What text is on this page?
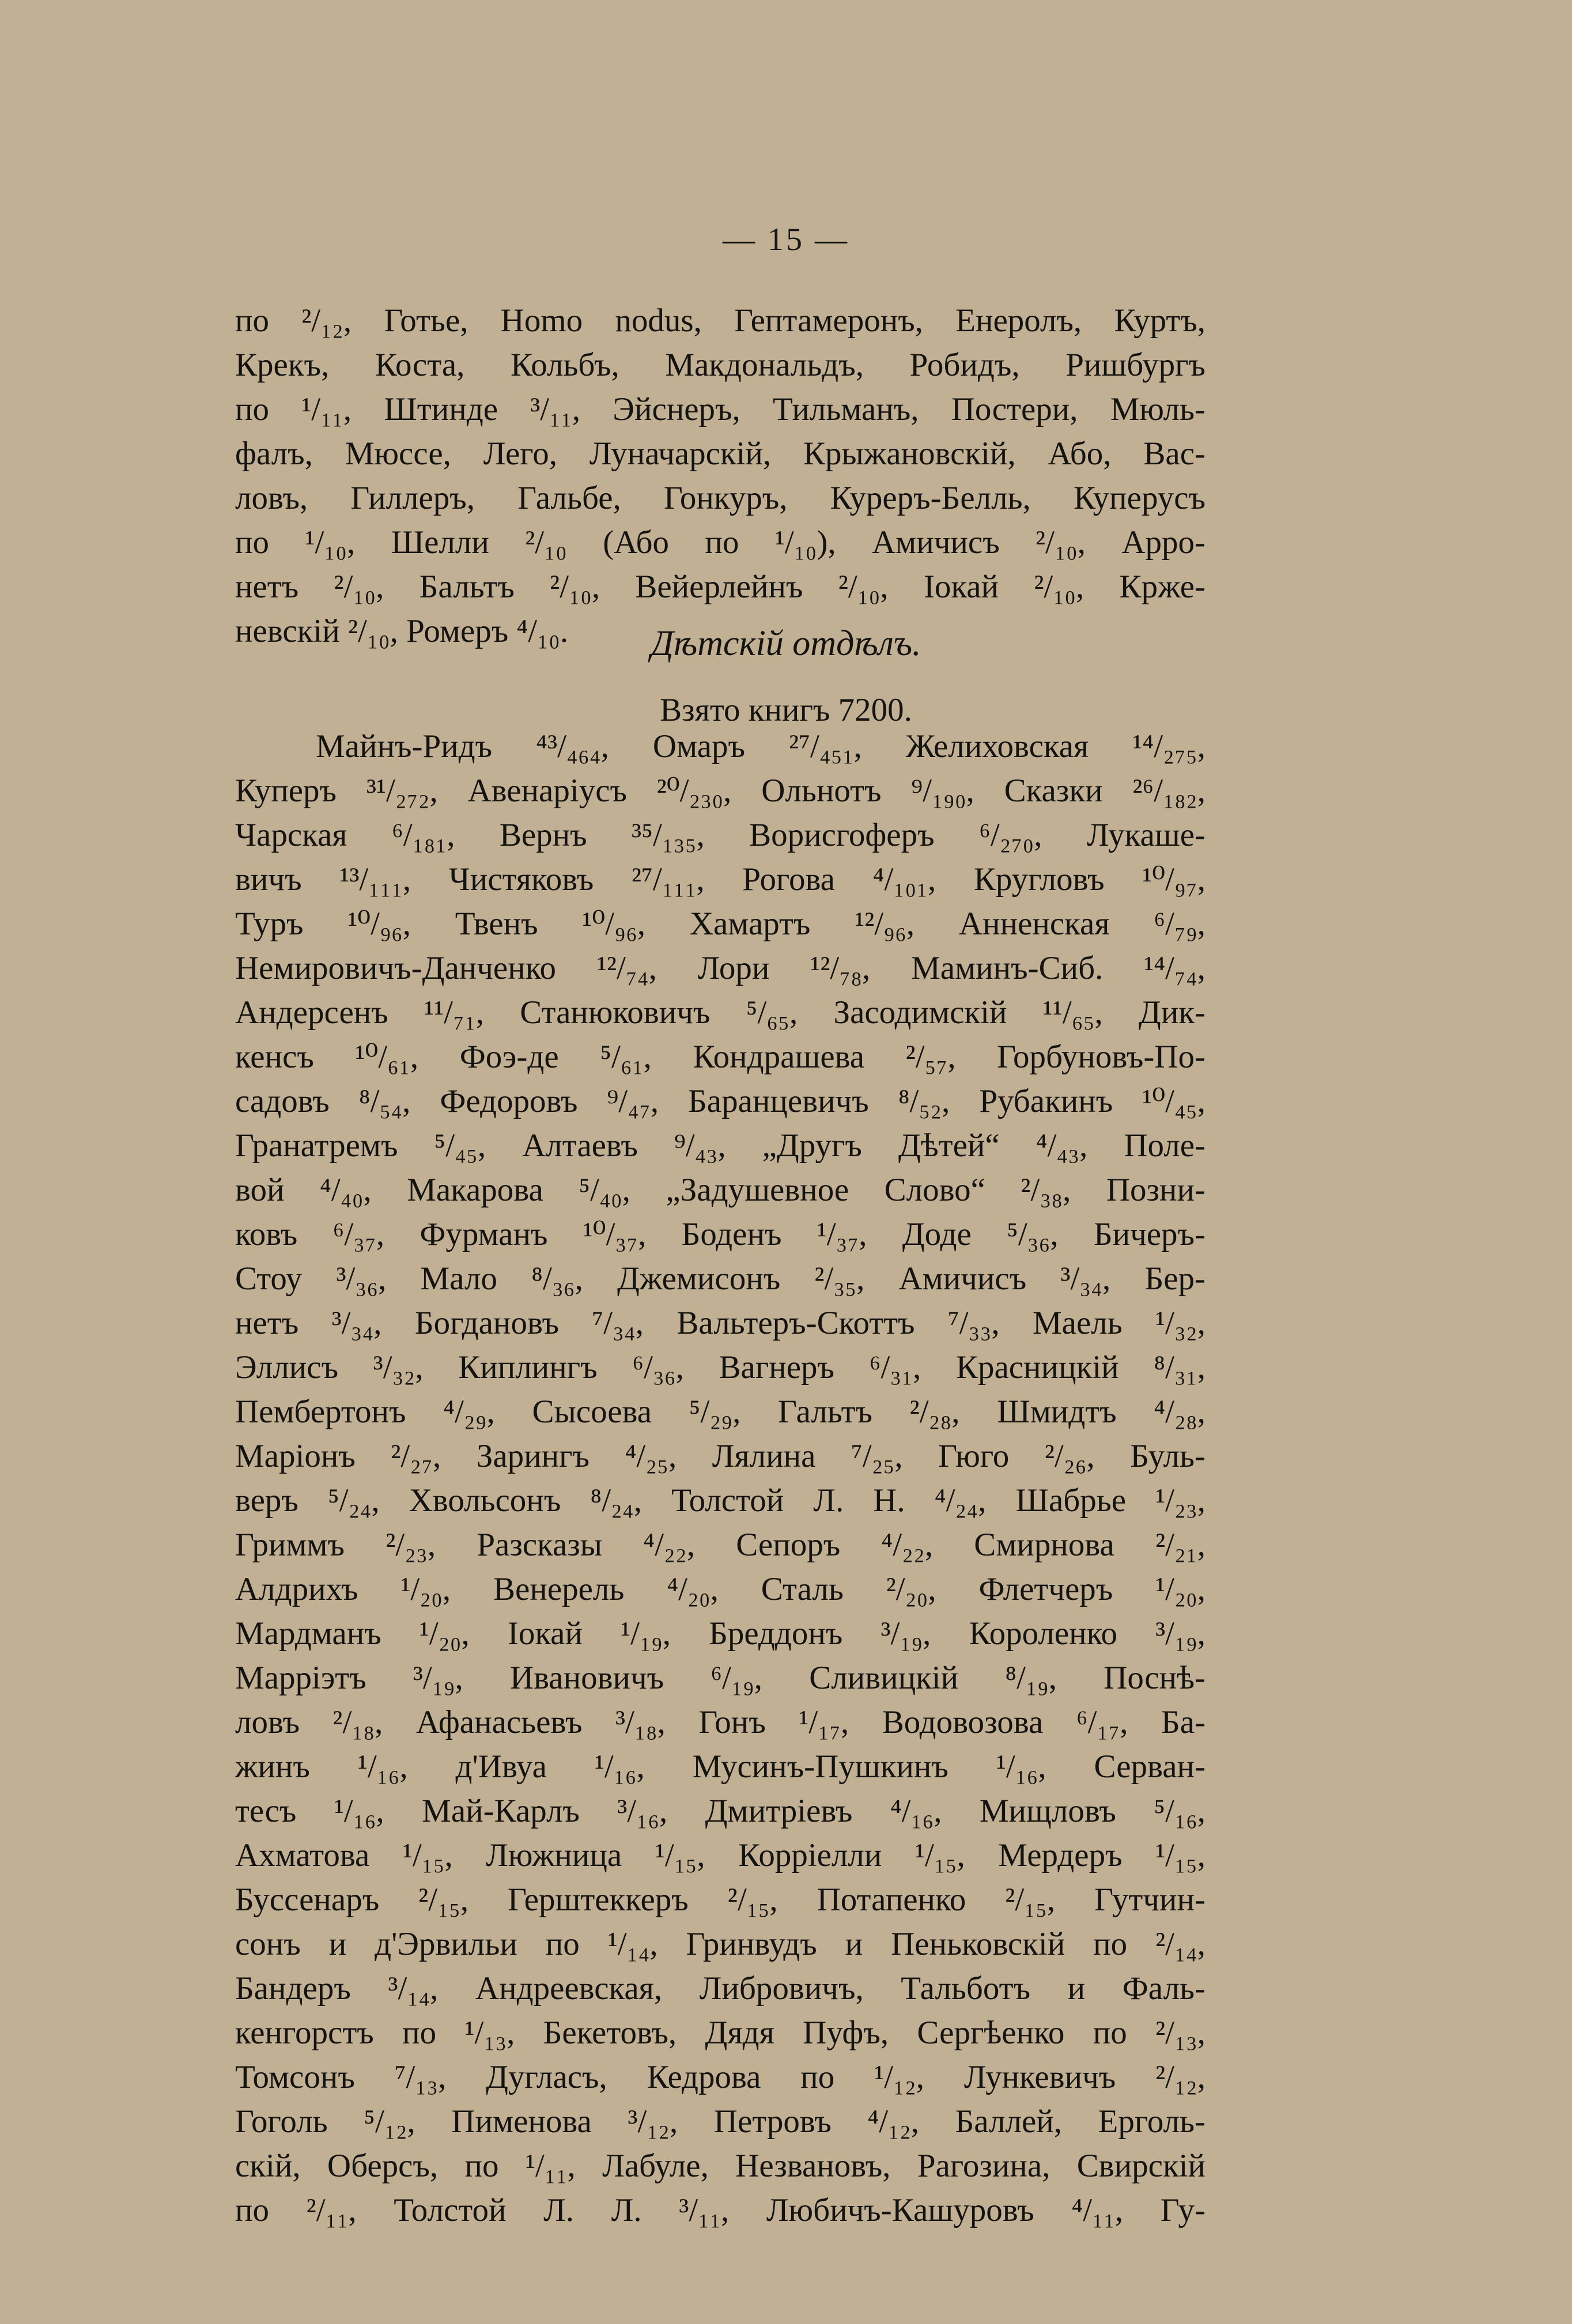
— 15 —
по ²/₁₂, Готье, Homo nodus, Гептамеронъ, Енеролъ, Куртъ,
Крекъ, Коста, Кольбъ, Макдональдъ, Робидъ, Ришбургъ
по ¹/₁₁, Штинде ³/₁₁, Эйснеръ, Тильманъ, Постери, Мюль-
фалъ, Мюссе, Лего, Луначарскій, Крыжановскій, Або, Вас-
ловъ, Гиллеръ, Гальбе, Гонкуръ, Куреръ-Белль, Куперусъ
по ¹/₁₀, Шелли ²/₁₀ (Або по ¹/₁₀), Амичисъ ²/₁₀, Арро-
нетъ ²/₁₀, Бальтъ ²/₁₀, Вейерлейнъ ²/₁₀, Іокай ²/₁₀, Крже-
невскій ²/₁₀, Ромеръ ⁴/₁₀.	Дѣтскій отдѣлъ.
Взято книгъ 7200.
Майнъ-Ридъ ⁴³/₄₆₄, Омаръ ²⁷/₄₅₁, Желиховская ¹⁴/₂₇₅,
Куперъ ³¹/₂₇₂, Авенаріусъ ²⁰/₂₃₀, Ольнотъ ⁹/₁₉₀, Сказки ²⁶/₁₈₂,
Чарская ⁶/₁₈₁, Вернъ ³⁵/₁₃₅, Ворисгоферъ ⁶/₂₇₀, Лукаше-
вичъ ¹³/₁₁₁, Чистяковъ ²⁷/₁₁₁, Рогова ⁴/₁₀₁, Кругловъ ¹⁰/₉₇,
Туръ ¹⁰/₉₆, Твенъ ¹⁰/₉₆, Хамартъ ¹²/₉₆, Анненская ⁶/₇₉,
Немировичъ-Данченко ¹²/₇₄, Лори ¹²/₇₈, Маминъ-Сиб. ¹⁴/₇₄,
Андерсенъ ¹¹/₇₁, Станюковичъ ⁵/₆₅, Засодимскій ¹¹/₆₅, Дик-
кенсъ ¹⁰/₆₁, Фоэ-де ⁵/₆₁, Кондрашева ²/₅₇, Горбуновъ-По-
садовъ ⁸/₅₄, Федоровъ ⁹/₄₇, Баранцевичъ ⁸/₅₂, Рубакинъ ¹⁰/₄₅,
Гранатремъ ⁵/₄₅, Алтаевъ ⁹/₄₃, „Другъ Дѣтей“ ⁴/₄₃, Поле-
вой ⁴/₄₀, Макарова ⁵/₄₀, „Задушевное Слово“ ²/₃₈, Позни-
ковъ ⁶/₃₇, Фурманъ ¹⁰/₃₇, Боденъ ¹/₃₇, Доде ⁵/₃₆, Бичеръ-
Стоу ³/₃₆, Мало ⁸/₃₆, Джемисонъ ²/₃₅, Амичисъ ³/₃₄, Бер-
нетъ ³/₃₄, Богдановъ ⁷/₃₄, Вальтеръ-Скоттъ ⁷/₃₃, Маель ¹/₃₂,
Эллисъ ³/₃₂, Киплингъ ⁶/₃₆, Вагнеръ ⁶/₃₁, Красницкій ⁸/₃₁,
Пембертонъ ⁴/₂₉, Сысоева ⁵/₂₉, Гальтъ ²/₂₈, Шмидтъ ⁴/₂₈,
Маріонъ ²/₂₇, Зарингъ ⁴/₂₅, Лялина ⁷/₂₅, Гюго ²/₂₆, Буль-
веръ ⁵/₂₄, Хвольсонъ ⁸/₂₄, Толстой Л. Н. ⁴/₂₄, Шабрье ¹/₂₃,
Гриммъ ²/₂₃, Разсказы ⁴/₂₂, Сепоръ ⁴/₂₂, Смирнова ²/₂₁,
Алдрихъ ¹/₂₀, Венерель ⁴/₂₀, Сталь ²/₂₀, Флетчеръ ¹/₂₀,
Мардманъ ¹/₂₀, Іокай ¹/₁₉, Бреддонъ ³/₁₉, Короленко ³/₁₉,
Марріэтъ ³/₁₉, Ивановичъ ⁶/₁₉, Сливицкій ⁸/₁₉, Поснѣ-
ловъ ²/₁₈, Афанасьевъ ³/₁₈, Гонъ ¹/₁₇, Водовозова ⁶/₁₇, Ба-
жинъ ¹/₁₆, д'Ивуа ¹/₁₆, Мусинъ-Пушкинъ ¹/₁₆, Серван-
тесъ ¹/₁₆, Май-Карлъ ³/₁₆, Дмитріевъ ⁴/₁₆, Мищловъ ⁵/₁₆,
Ахматова ¹/₁₅, Люжница ¹/₁₅, Корріелли ¹/₁₅, Мердеръ ¹/₁₅,
Буссенаръ ²/₁₅, Герштеккеръ ²/₁₅, Потапенко ²/₁₅, Гутчин-
сонъ и д'Эрвильи по ¹/₁₄, Гринвудъ и Пеньковскій по ²/₁₄,
Бандеръ ³/₁₄, Андреевская, Либровичъ, Тальботъ и Фаль-
кенгорстъ по ¹/₁₃, Бекетовъ, Дядя Пуфъ, Сергѣенко по ²/₁₃,
Томсонъ ⁷/₁₃, Дугласъ, Кедрова по ¹/₁₂, Лункевичъ ²/₁₂,
Гоголь ⁵/₁₂, Пименова ³/₁₂, Петровъ ⁴/₁₂, Баллей, Ерголь-
скій, Оберсъ, по ¹/₁₁, Лабуле, Незвановъ, Рагозина, Свирскій
по ²/₁₁, Толстой Л. Л. ³/₁₁, Любичъ-Кашуровъ ⁴/₁₁, Гу-
